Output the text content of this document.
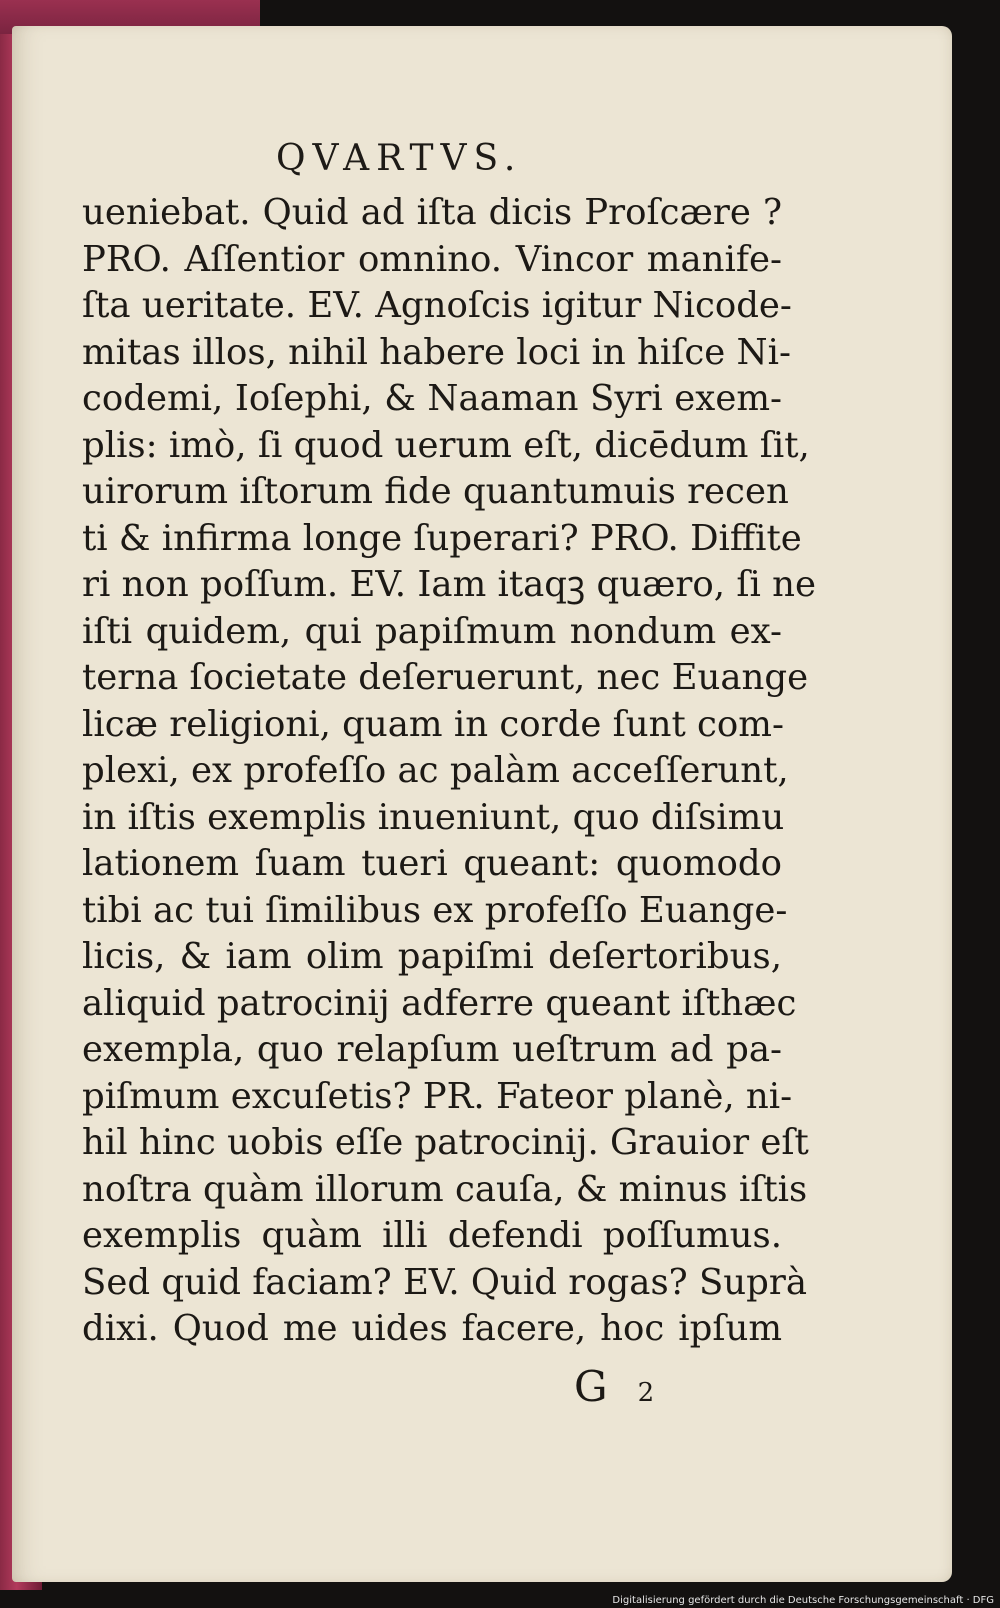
QVARTVS.
ueniebat. Quid ad iſta dicis Proſcære ?
PRO. Aſſentior omnino. Vincor manife-
ſta ueritate. EV. Agnoſcis igitur Nicode-
mitas illos, nihil habere loci in hiſce Ni-
codemi, Ioſephi, & Naaman Syri exem-
plis: imò, ſi quod uerum eſt, dicēdum ſit,
uirorum iſtorum fide quantumuis recen
ti & infirma longe ſuperari? PRO. Diffite
ri non poſſum. EV. Iam itaqꝫ quæro, ſi ne
iſti quidem, qui papiſmum nondum ex-
terna ſocietate deſeruerunt, nec Euange
licæ religioni, quam in corde ſunt com-
plexi, ex profeſſo ac palàm acceſſerunt,
in iſtis exemplis inueniunt, quo diſsimu
lationem ſuam tueri queant: quomodo
tibi ac tui ſimilibus ex profeſſo Euange-
licis, & iam olim papiſmi deſertoribus,
aliquid patrocinij adferre queant iſthæc
exempla, quo relapſum ueſtrum ad pa-
piſmum excuſetis? PR. Fateor planè, ni-
hil hinc uobis eſſe patrocinij. Grauior eſt
noſtra quàm illorum cauſa, & minus iſtis
exemplis quàm illi defendi poſſumus.
Sed quid faciam? EV. Quid rogas? Suprà
dixi. Quod me uides facere, hoc ipſum
G2
Digitalisierung gefördert durch die Deutsche Forschungsgemeinschaft · DFG
